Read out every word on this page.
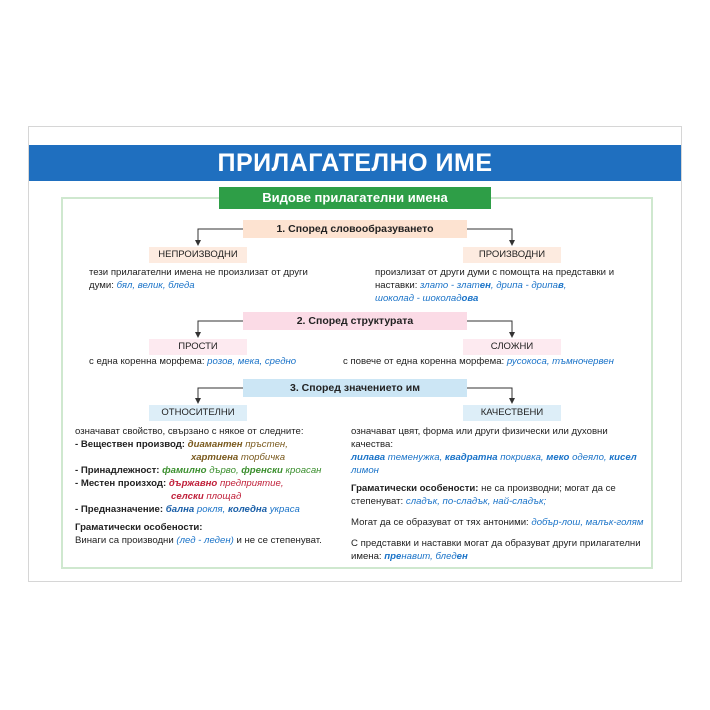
ПРИЛАГАТЕЛНО ИМЕ
Видове прилагателни имена
1. Според словообразуването
НЕПРОИЗВОДНИ	ПРОИЗВОДНИ
тези прилагателни имена не произлизат от други
думи: бял, велик, бледа
произлизат от други думи с помощта на представки и
наставки: злато - златен, дрипа - дрипав,
шоколад - шоколадова
2. Според структурата
ПРОСТИ	СЛОЖНИ
с една коренна морфема: розов, мека, средно	с повече от една коренна морфема: русокоса, тъмночервен
3. Според значението им
ОТНОСИТЕЛНИ	КАЧЕСТВЕНИ
означават свойство, свързано с някое от следните:
- Веществен производ: диамантен пръстен,
хартиена торбичка
- Принадлежност: фамилно дърво, френски кроасан
- Местен произход: държавно предприятие,
селски площад
- Предназначение: бална рокля, коледна украса
Граматически особености:
Винаги са производни (лед - леден) и не се степенуват.
означават цвят, форма или други физически или духовни
качества:
лилава теменужка, квадратна покривка, меко одеяло, кисел
лимон
Граматически особености: не са производни; могат да се
степенуват: сладък, по-сладък, най-сладък;
Могат да се образуват от тях антоними: добър-лош, малък-голям
С представки и наставки могат да образуват други прилагателни
имена: пренавит, бледен
